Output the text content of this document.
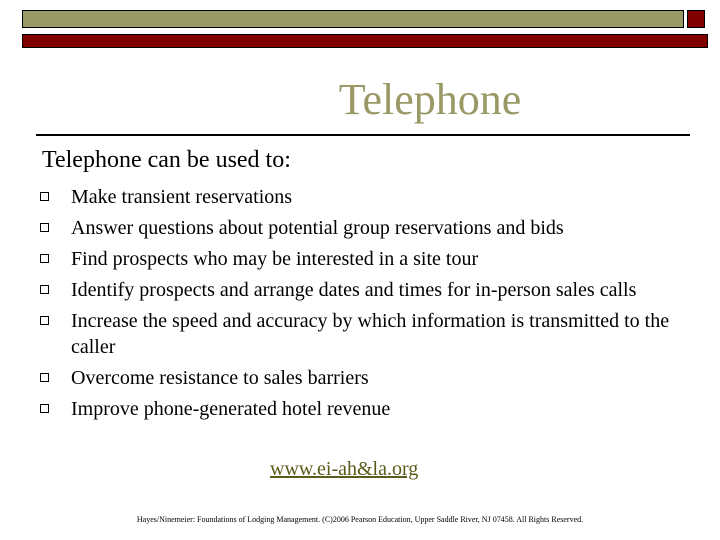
Telephone
Telephone can be used to:
Make transient reservations
Answer questions about potential group reservations and bids
Find prospects who may be interested in a site tour
Identify prospects and arrange dates and times for in-person sales calls
Increase the speed and accuracy by which information is transmitted to the caller
Overcome resistance to sales barriers
Improve phone-generated hotel revenue
www.ei-ah&la.org
Hayes/Ninemeier: Foundations of Lodging Management. (C)2006 Pearson Education, Upper Saddle River, NJ 07458. All Rights Reserved.
